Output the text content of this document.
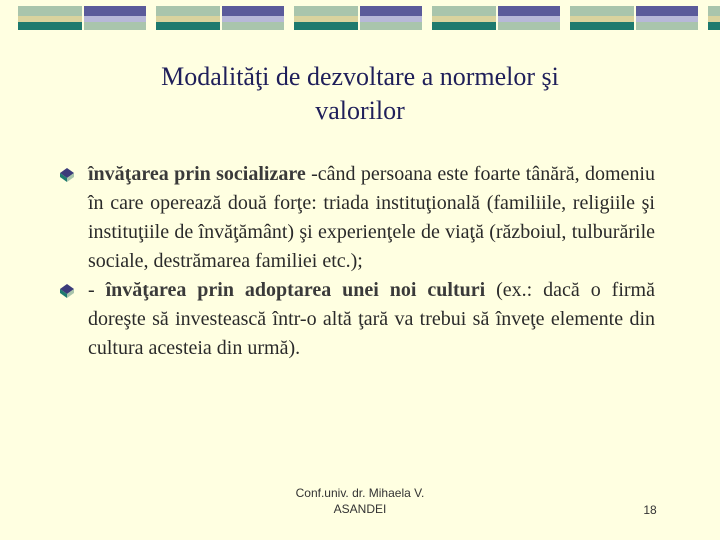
Modalităţi de dezvoltare a normelor şi
valorilor
învăţarea prin socializare -când persoana este foarte tânără, domeniu în care operează două forţe: triada instituţională (familiile, religiile şi instituţiile de învăţământ) şi experienţele de viaţă (războiul, tulburările sociale, destrămarea familiei etc.);
- învăţarea prin adoptarea unei noi culturi (ex.: dacă o firmă doreşte să investească într-o altă ţară va trebui să înveţe elemente din cultura acesteia din urmă).
Conf.univ. dr. Mihaela V.
ASANDEI	18
